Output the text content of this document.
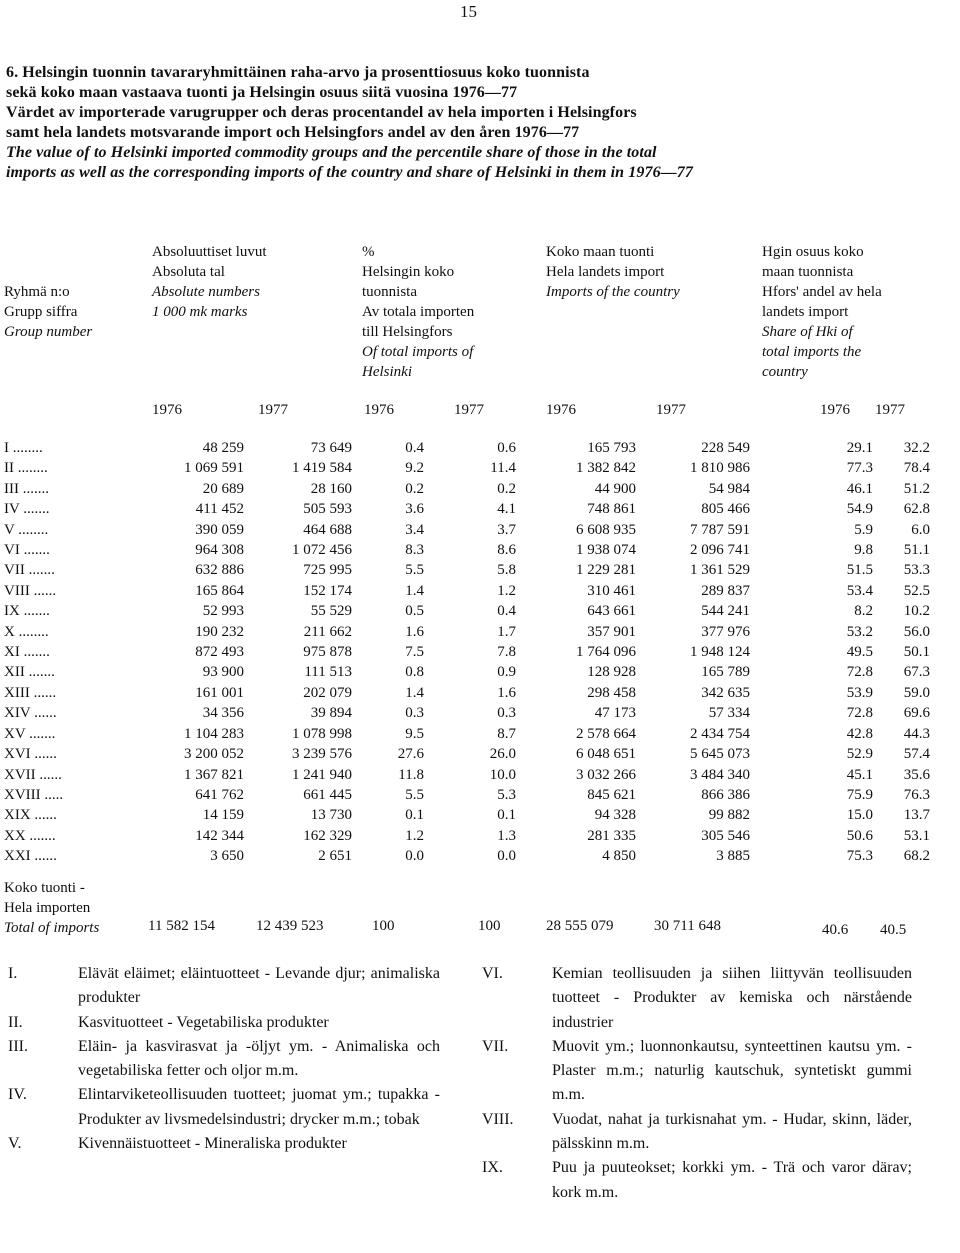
15
6. Helsingin tuonnin tavararyhmittäinen raha-arvo ja prosenttiosuus koko tuonnista
sekä koko maan vastaava tuonti ja Helsingin osuus siitä vuosina 1976—77
Värdet av importerade varugrupper och deras procentandel av hela importen i Helsingfors
samt hela landets motsvarande import och Helsingfors andel av den åren 1976—77
The value of to Helsinki imported commodity groups and the percentile share of those in the total
imports as well as the corresponding imports of the country and share of Helsinki in them in 1976—77
Ryhmä n:o
Grupp siffra
Group number
Absoluuttiset luvut
Absoluta tal
Absolute numbers
1 000 mk marks
%
Helsingin koko
tuonnista
Av totala importen
till Helsingfors
Of total imports of
Helsinki
Koko maan tuonti
Hela landets import
Imports of the country
Hgin osuus koko
maan tuonnista
Hfors' andel av hela
landets import
Share of Hki of
total imports the
country
1976	1977	1976	1977	1976	1977	1976 1977
I ........	48 259	73 649	0.4	0.6	165 793	228 549	29.1	32.2
II ........	1 069 591	1 419 584	9.2	11.4	1 382 842	1 810 986	77.3	78.4
III .......	20 689	28 160	0.2	0.2	44 900	54 984	46.1	51.2
IV .......	411 452	505 593	3.6	4.1	748 861	805 466	54.9	62.8
V ........	390 059	464 688	3.4	3.7	6 608 935	7 787 591	5.9	6.0
VI .......	964 308	1 072 456	8.3	8.6	1 938 074	2 096 741	9.8	51.1
VII .......	632 886	725 995	5.5	5.8	1 229 281	1 361 529	51.5	53.3
VIII ......	165 864	152 174	1.4	1.2	310 461	289 837	53.4	52.5
IX .......	52 993	55 529	0.5	0.4	643 661	544 241	8.2	10.2
X ........	190 232	211 662	1.6	1.7	357 901	377 976	53.2	56.0
XI .......	872 493	975 878	7.5	7.8	1 764 096	1 948 124	49.5	50.1
XII .......	93 900	111 513	0.8	0.9	128 928	165 789	72.8	67.3
XIII ......	161 001	202 079	1.4	1.6	298 458	342 635	53.9	59.0
XIV ......	34 356	39 894	0.3	0.3	47 173	57 334	72.8	69.6
XV .......	1 104 283	1 078 998	9.5	8.7	2 578 664	2 434 754	42.8	44.3
XVI ......	3 200 052	3 239 576	27.6	26.0	6 048 651	5 645 073	52.9	57.4
XVII ......	1 367 821	1 241 940	11.8	10.0	3 032 266	3 484 340	45.1	35.6
XVIII .....	641 762	661 445	5.5	5.3	845 621	866 386	75.9	76.3
XIX ......	14 159	13 730	0.1	0.1	94 328	99 882	15.0	13.7
XX .......	142 344	162 329	1.2	1.3	281 335	305 546	50.6	53.1
XXI ......	3 650	2 651	0.0	0.0	4 850	3 885	75.3	68.2
Koko tuonti -
Hela importen
Total of imports	11 582 154	12 439 523	100	100	28 555 079	30 711 648	40.6 40.5
I.	Elävät eläimet; eläintuotteet - Levande djur; animaliska produkter
II.	Kasvituotteet - Vegetabiliska produkter
III.	Eläin- ja kasvirasvat ja -öljyt ym. - Animaliska och vegetabiliska fetter och oljor m.m.
IV.	Elintarviketeollisuuden tuotteet; juomat ym.; tupakka - Produkter av livsmedelsindustri; drycker m.m.; tobak
V.	Kivennäistuotteet - Mineraliska produkter
VI.	Kemian teollisuuden ja siihen liittyvän teollisuuden tuotteet - Produkter av kemiska och närstående industrier
VII.	Muovit ym.; luonnonkautsu, synteettinen kautsu ym. - Plaster m.m.; naturlig kautschuk, syntetiskt gummi m.m.
VIII. Vuodat, nahat ja turkisnahat ym. - Hudar, skinn, läder, pälsskinn m.m.
IX.	Puu ja puuteokset; korkki ym. - Trä och varor därav; kork m.m.
